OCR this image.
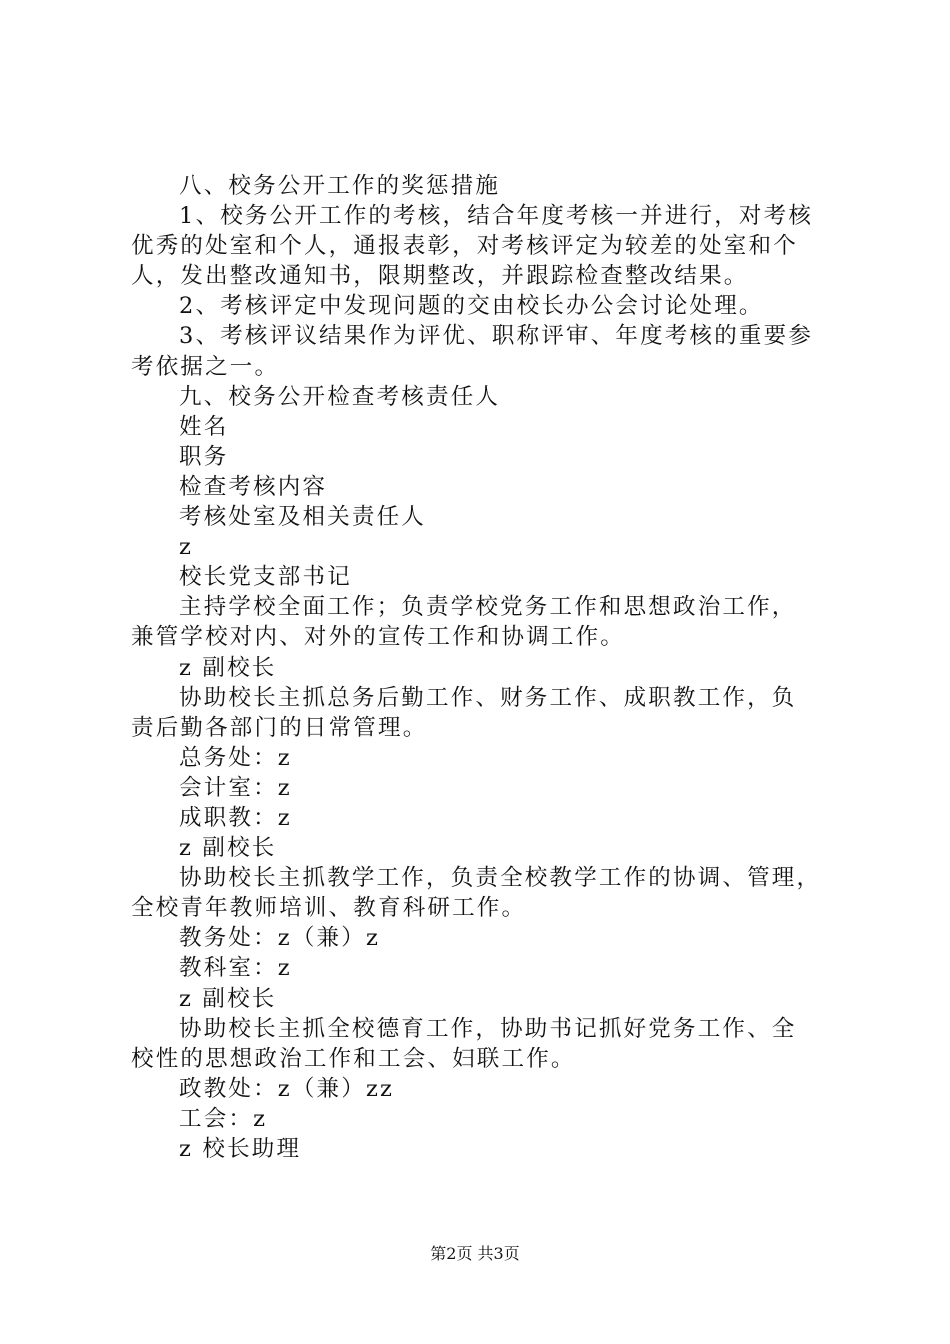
八、校务公开工作的奖惩措施
1、校务公开工作的考核，结合年度考核一并进行，对考核
优秀的处室和个人，通报表彰，对考核评定为较差的处室和个
人，发出整改通知书，限期整改，并跟踪检查整改结果。
2、考核评定中发现问题的交由校长办公会讨论处理。
3、考核评议结果作为评优、职称评审、年度考核的重要参
考依据之一。
九、校务公开检查考核责任人
姓名
职务
检查考核内容
考核处室及相关责任人
z
校长党支部书记
主持学校全面工作；负责学校党务工作和思想政治工作，
兼管学校对内、对外的宣传工作和协调工作。
z 副校长
协助校长主抓总务后勤工作、财务工作、成职教工作，负
责后勤各部门的日常管理。
总务处：z
会计室：z
成职教：z
z 副校长
协助校长主抓教学工作，负责全校教学工作的协调、管理，
全校青年教师培训、教育科研工作。
教务处：z（兼）z
教科室：z
z 副校长
协助校长主抓全校德育工作，协助书记抓好党务工作、全
校性的思想政治工作和工会、妇联工作。
政教处：z（兼）zz
工会：z
z 校长助理
第2页 共3页
